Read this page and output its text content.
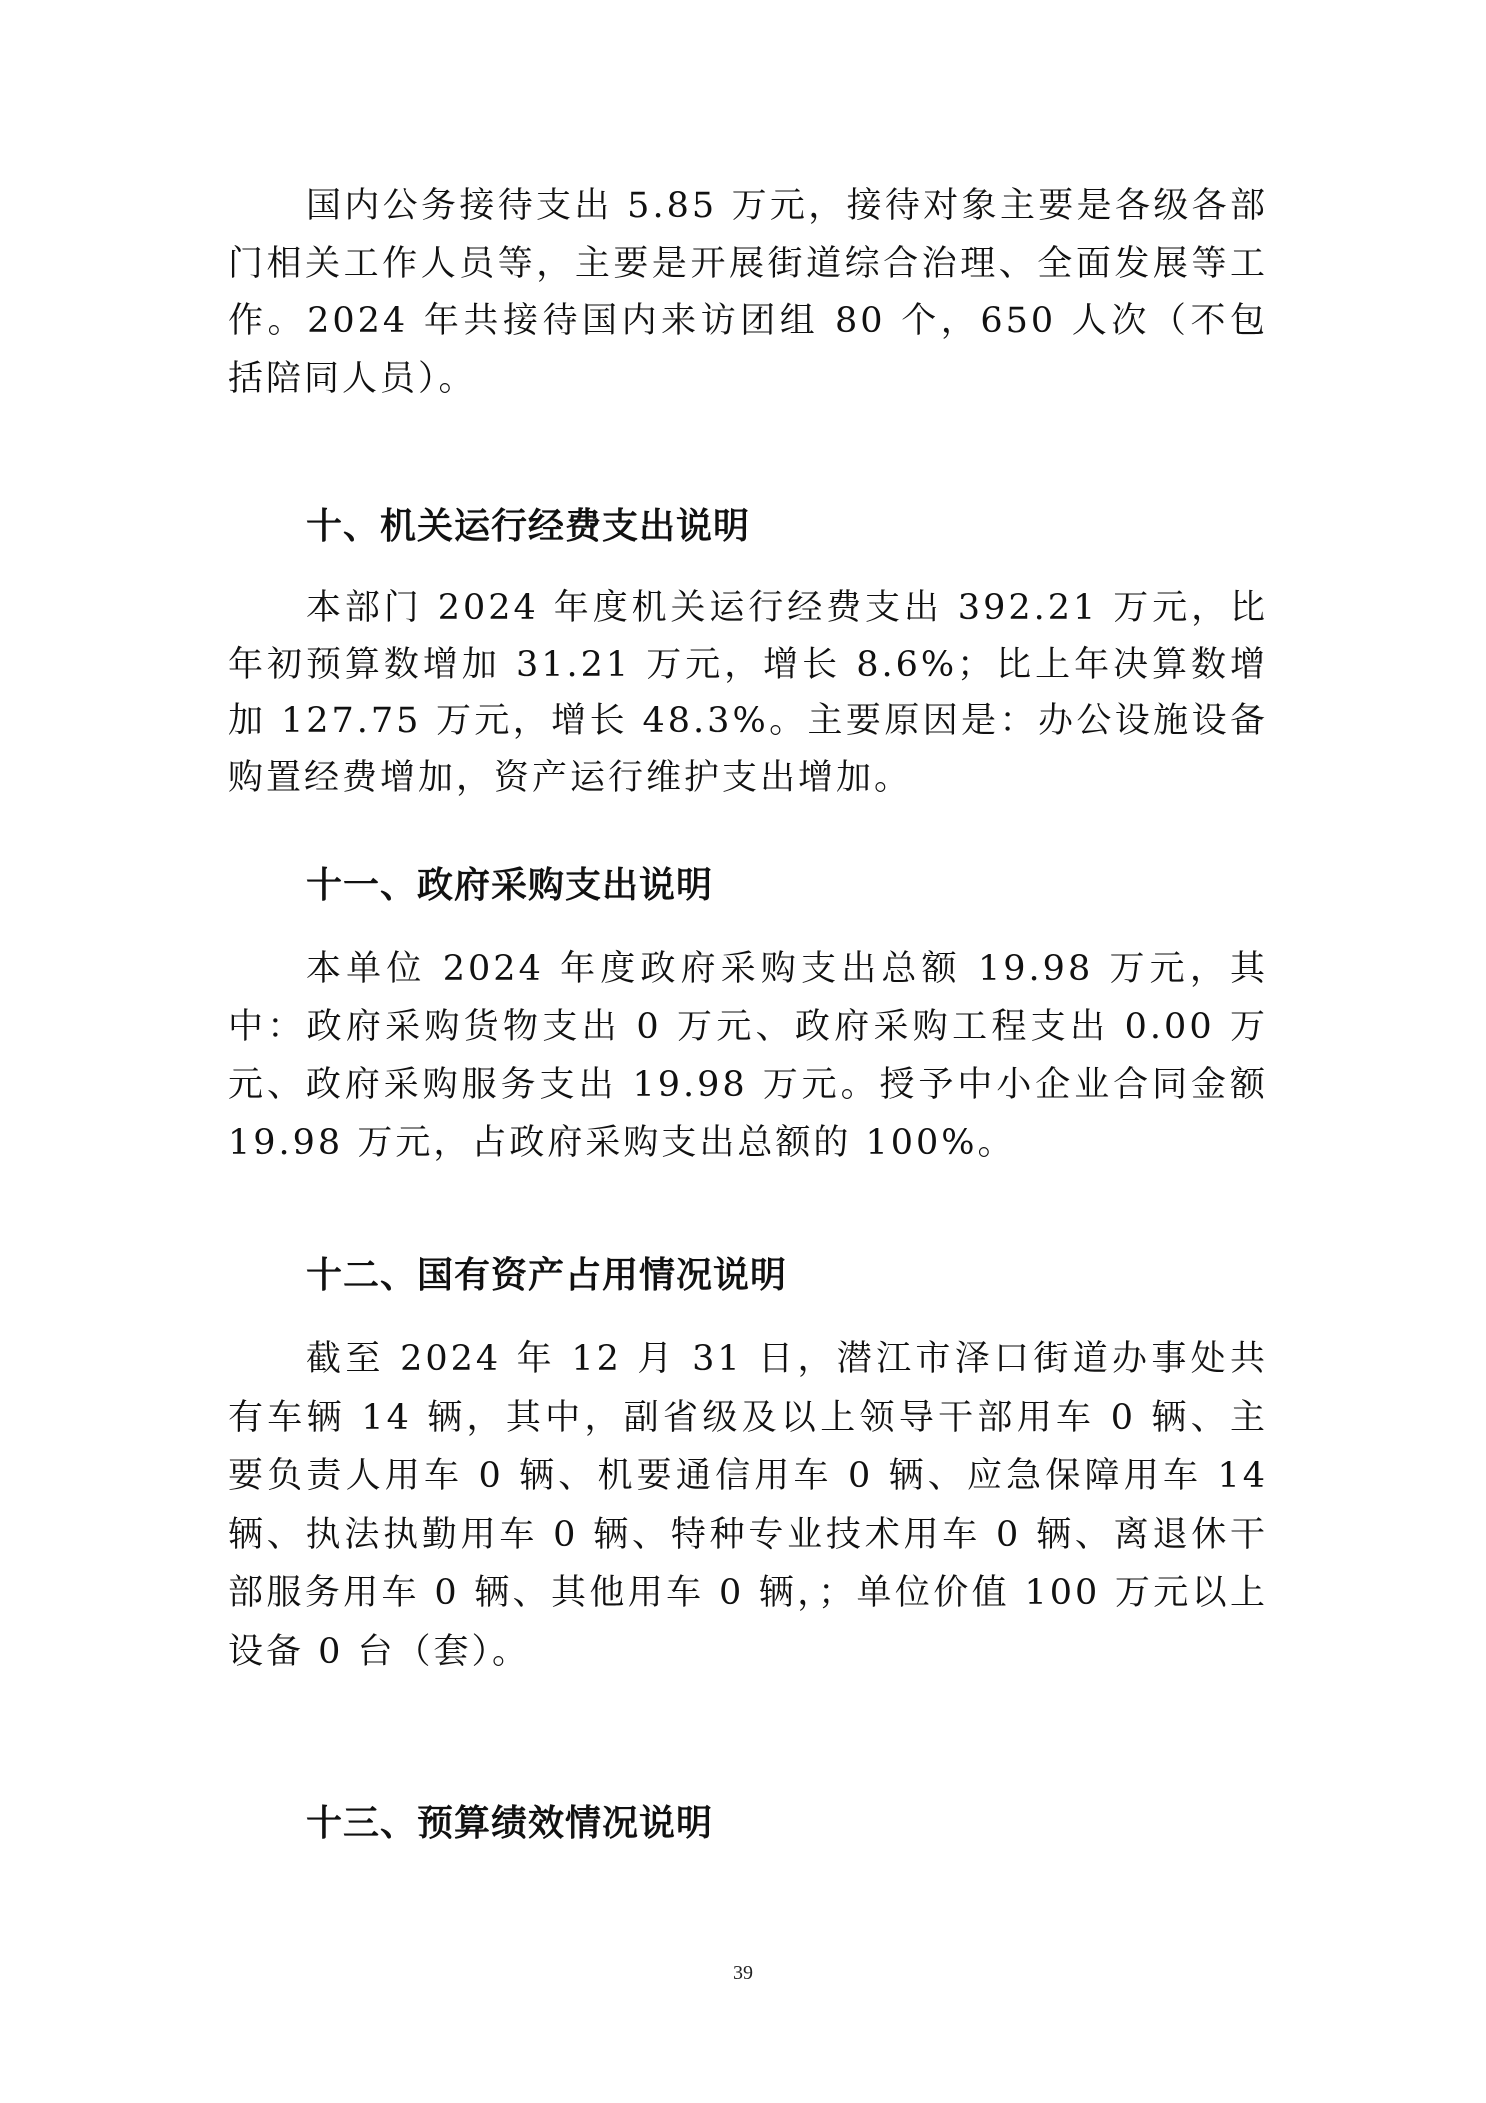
国内公务接待支出 5.85 万元，接待对象主要是各级各部门相关工作人员等，主要是开展街道综合治理、全面发展等工作。2024 年共接待国内来访团组 80 个，650 人次（不包括陪同人员）。

十、机关运行经费支出说明

本部门 2024 年度机关运行经费支出 392.21 万元，比年初预算数增加 31.21 万元，增长 8.6%；比上年决算数增加 127.75 万元，增长 48.3%。主要原因是：办公设施设备购置经费增加，资产运行维护支出增加。

十一、政府采购支出说明

本单位 2024 年度政府采购支出总额 19.98 万元，其中：政府采购货物支出 0 万元、政府采购工程支出 0.00 万元、政府采购服务支出 19.98 万元。授予中小企业合同金额 19.98 万元，占政府采购支出总额的 100%。

十二、国有资产占用情况说明

截至 2024 年 12 月 31 日，潜江市泽口街道办事处共有车辆 14 辆，其中，副省级及以上领导干部用车 0 辆、主要负责人用车 0 辆、机要通信用车 0 辆、应急保障用车 14 辆、执法执勤用车 0 辆、特种专业技术用车 0 辆、离退休干部服务用车 0 辆、其他用车 0 辆，；单位价值 100 万元以上设备 0 台（套）。

十三、预算绩效情况说明
39
